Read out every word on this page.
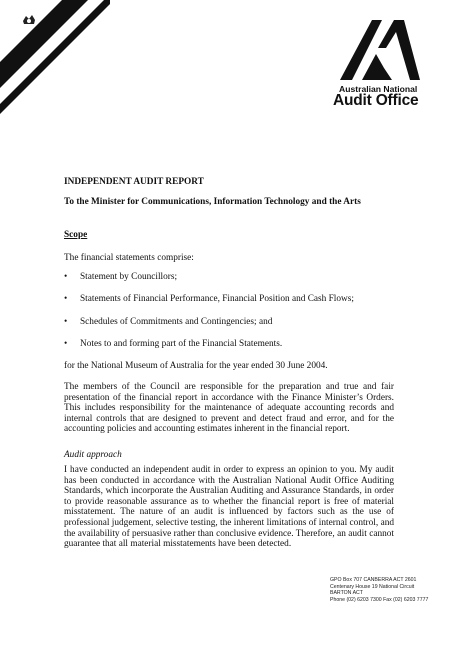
Australian National
Audit Office
INDEPENDENT AUDIT REPORT
To the Minister for Communications, Information Technology and the Arts
Scope
The financial statements comprise:
• Statement by Councillors;
• Statements of Financial Performance, Financial Position and Cash Flows;
• Schedules of Commitments and Contingencies; and
• Notes to and forming part of the Financial Statements.
for the National Museum of Australia for the year ended 30 June 2004.
The members of the Council are responsible for the preparation and true and fair presentation of the financial report in accordance with the Finance Minister’s Orders. This includes responsibility for the maintenance of adequate accounting records and internal controls that are designed to prevent and detect fraud and error, and for the accounting policies and accounting estimates inherent in the financial report.
Audit approach
I have conducted an independent audit in order to express an opinion to you. My audit has been conducted in accordance with the Australian National Audit Office Auditing Standards, which incorporate the Australian Auditing and Assurance Standards, in order to provide reasonable assurance as to whether the financial report is free of material misstatement. The nature of an audit is influenced by factors such as the use of professional judgement, selective testing, the inherent limitations of internal control, and the availability of persuasive rather than conclusive evidence. Therefore, an audit cannot guarantee that all material misstatements have been detected.
GPO Box 707 CANBERRA ACT 2601
Centenary House 19 National Circuit
BARTON ACT
Phone (02) 6203 7300 Fax (02) 6203 7777
